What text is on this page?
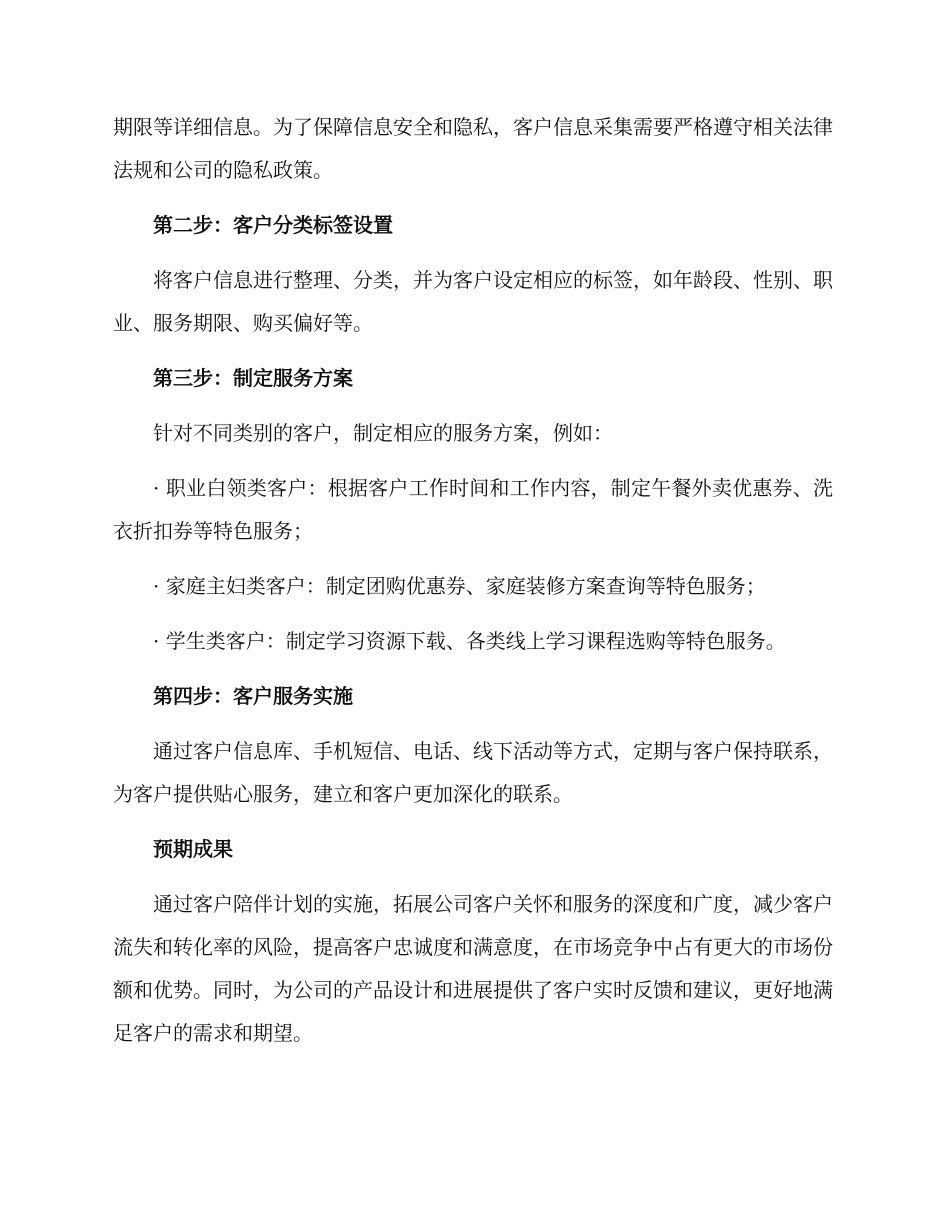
期限等详细信息。为了保障信息安全和隐私，客户信息采集需要严格遵守相关法律法规和公司的隐私政策。

第二步：客户分类标签设置

将客户信息进行整理、分类，并为客户设定相应的标签，如年龄段、性别、职业、服务期限、购买偏好等。

第三步：制定服务方案

针对不同类别的客户，制定相应的服务方案，例如：

· 职业白领类客户：根据客户工作时间和工作内容，制定午餐外卖优惠券、洗衣折扣券等特色服务；

· 家庭主妇类客户：制定团购优惠券、家庭装修方案查询等特色服务；

· 学生类客户：制定学习资源下载、各类线上学习课程选购等特色服务。

第四步：客户服务实施

通过客户信息库、手机短信、电话、线下活动等方式，定期与客户保持联系，为客户提供贴心服务，建立和客户更加深化的联系。

预期成果

通过客户陪伴计划的实施，拓展公司客户关怀和服务的深度和广度，减少客户流失和转化率的风险，提高客户忠诚度和满意度，在市场竞争中占有更大的市场份额和优势。同时，为公司的产品设计和进展提供了客户实时反馈和建议，更好地满足客户的需求和期望。
